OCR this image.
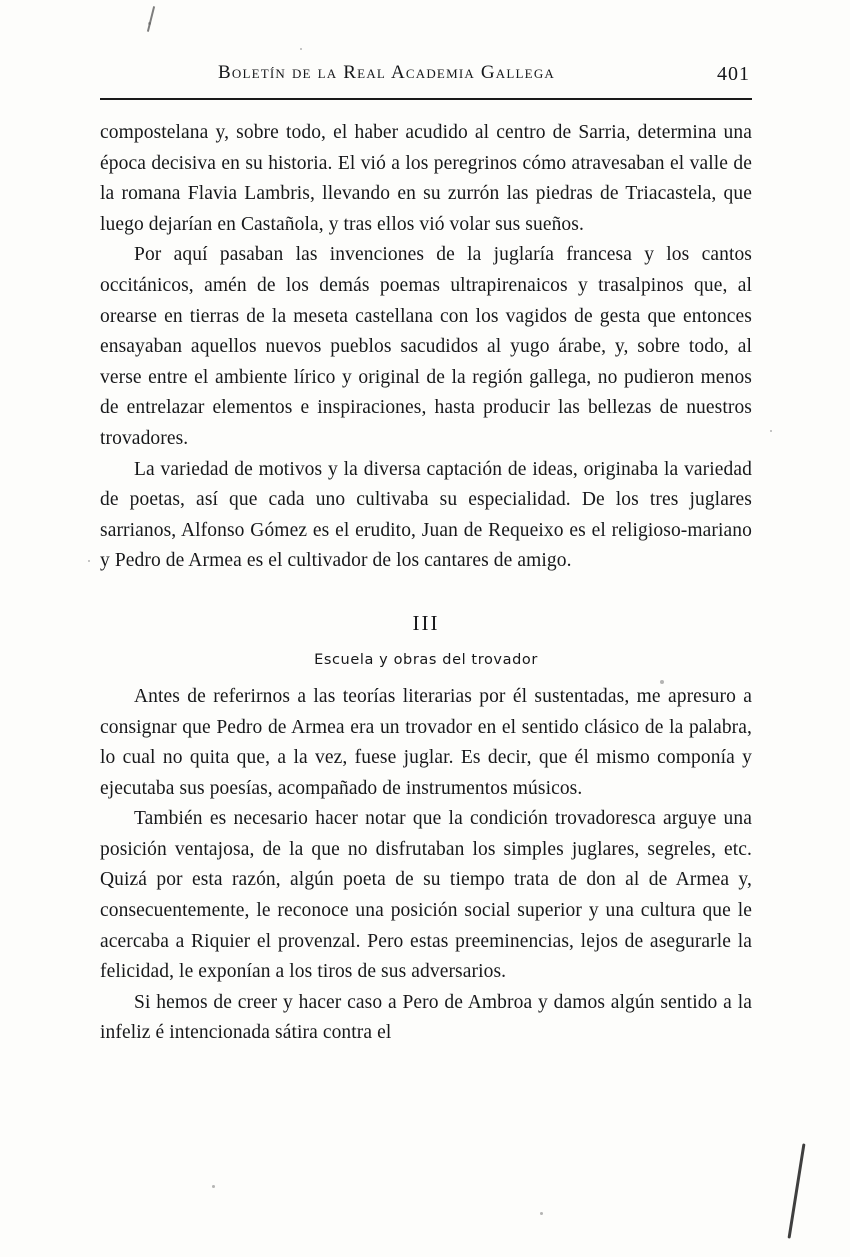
Boletín de la Real Academia Gallega	401

compostelana y, sobre todo, el haber acudido al centro de Sarria, determina una época decisiva en su historia. El vió a los peregrinos cómo atravesaban el valle de la romana Flavia Lambris, llevando en su zurrón las piedras de Triacastela, que luego dejarían en Castañola, y tras ellos vió volar sus sueños.

Por aquí pasaban las invenciones de la juglaría francesa y los cantos occitánicos, amén de los demás poemas ultrapirenaicos y trasalpinos que, al orearse en tierras de la meseta castellana con los vagidos de gesta que entonces ensayaban aquellos nuevos pueblos sacudidos al yugo árabe, y, sobre todo, al verse entre el ambiente lírico y original de la región gallega, no pudieron menos de entrelazar elementos e inspiraciones, hasta producir las bellezas de nuestros trovadores.

La variedad de motivos y la diversa captación de ideas, originaba la variedad de poetas, así que cada uno cultivaba su especialidad. De los tres juglares sarrianos, Alfonso Gómez es el erudito, Juan de Requeixo es el religioso-mariano y Pedro de Armea es el cultivador de los cantares de amigo.

III
Escuela y obras del trovador

Antes de referirnos a las teorías literarias por él sustentadas, me apresuro a consignar que Pedro de Armea era un trovador en el sentido clásico de la palabra, lo cual no quita que, a la vez, fuese juglar. Es decir, que él mismo componía y ejecutaba sus poesías, acompañado de instrumentos músicos.

También es necesario hacer notar que la condición trovadoresca arguye una posición ventajosa, de la que no disfrutaban los simples juglares, segreles, etc. Quizá por esta razón, algún poeta de su tiempo trata de don al de Armea y, consecuentemente, le reconoce una posición social superior y una cultura que le acercaba a Riquier el provenzal. Pero estas preeminencias, lejos de asegurarle la felicidad, le exponían a los tiros de sus adversarios.

Si hemos de creer y hacer caso a Pero de Ambroa y damos algún sentido a la infeliz é intencionada sátira contra el
